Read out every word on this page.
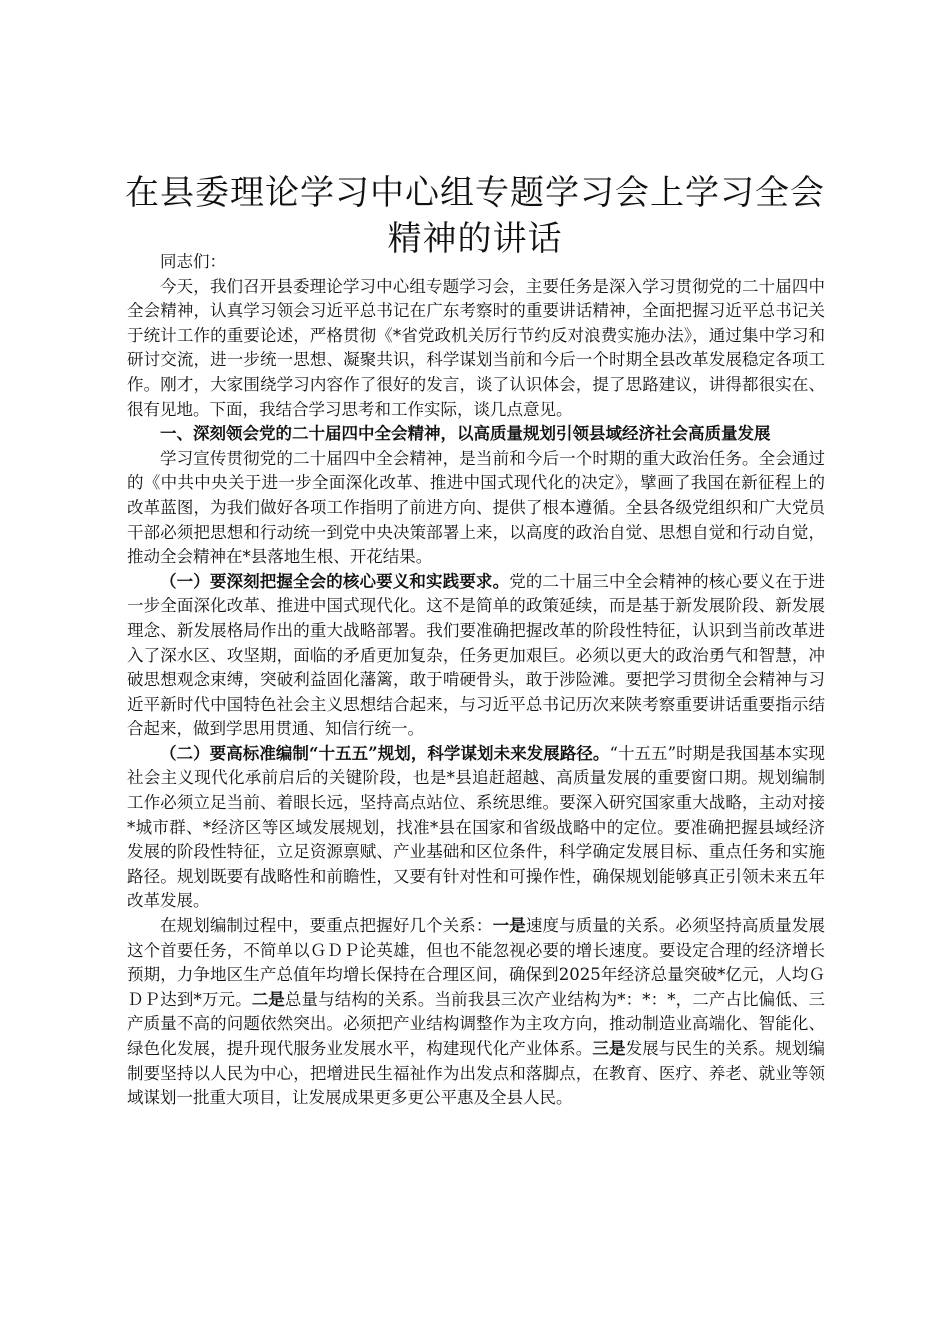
在县委理论学习中心组专题学习会上学习全会精神的讲话

同志们：

今天，我们召开县委理论学习中心组专题学习会，主要任务是深入学习贯彻党的二十届四中全会精神，认真学习领会习近平总书记在广东考察时的重要讲话精神，全面把握习近平总书记关于统计工作的重要论述，严格贯彻《*省党政机关厉行节约反对浪费实施办法》，通过集中学习和研讨交流，进一步统一思想、凝聚共识，科学谋划当前和今后一个时期全县改革发展稳定各项工作。刚才，大家围绕学习内容作了很好的发言，谈了认识体会，提了思路建议，讲得都很实在、很有见地。下面，我结合学习思考和工作实际，谈几点意见。

一、深刻领会党的二十届四中全会精神，以高质量规划引领县域经济社会高质量发展

学习宣传贯彻党的二十届四中全会精神，是当前和今后一个时期的重大政治任务。全会通过的《中共中央关于进一步全面深化改革、推进中国式现代化的决定》，擘画了我国在新征程上的改革蓝图，为我们做好各项工作指明了前进方向、提供了根本遵循。全县各级党组织和广大党员干部必须把思想和行动统一到党中央决策部署上来，以高度的政治自觉、思想自觉和行动自觉，推动全会精神在*县落地生根、开花结果。

（一）要深刻把握全会的核心要义和实践要求。党的二十届三中全会精神的核心要义在于进一步全面深化改革、推进中国式现代化。这不是简单的政策延续，而是基于新发展阶段、新发展理念、新发展格局作出的重大战略部署。我们要准确把握改革的阶段性特征，认识到当前改革进入了深水区、攻坚期，面临的矛盾更加复杂，任务更加艰巨。必须以更大的政治勇气和智慧，冲破思想观念束缚，突破利益固化藩篱，敢于啃硬骨头，敢于涉险滩。要把学习贯彻全会精神与习近平新时代中国特色社会主义思想结合起来，与习近平总书记历次来陕考察重要讲话重要指示结合起来，做到学思用贯通、知信行统一。

（二）要高标准编制“十五五”规划，科学谋划未来发展路径。“十五五”时期是我国基本实现社会主义现代化承前启后的关键阶段，也是*县追赶超越、高质量发展的重要窗口期。规划编制工作必须立足当前、着眼长远，坚持高点站位、系统思维。要深入研究国家重大战略，主动对接*城市群、*经济区等区域发展规划，找准*县在国家和省级战略中的定位。要准确把握县域经济发展的阶段性特征，立足资源禀赋、产业基础和区位条件，科学确定发展目标、重点任务和实施路径。规划既要有战略性和前瞻性，又要有针对性和可操作性，确保规划能够真正引领未来五年改革发展。

在规划编制过程中，要重点把握好几个关系：一是速度与质量的关系。必须坚持高质量发展这个首要任务，不简单以ＧＤＰ论英雄，但也不能忽视必要的增长速度。要设定合理的经济增长预期，力争地区生产总值年均增长保持在合理区间，确保到2025年经济总量突破*亿元，人均ＧＤＰ达到*万元。二是总量与结构的关系。当前我县三次产业结构为*：*：*，二产占比偏低、三产质量不高的问题依然突出。必须把产业结构调整作为主攻方向，推动制造业高端化、智能化、绿色化发展，提升现代服务业发展水平，构建现代化产业体系。三是发展与民生的关系。规划编制要坚持以人民为中心，把增进民生福祉作为出发点和落脚点，在教育、医疗、养老、就业等领域谋划一批重大项目，让发展成果更多更公平惠及全县人民。
